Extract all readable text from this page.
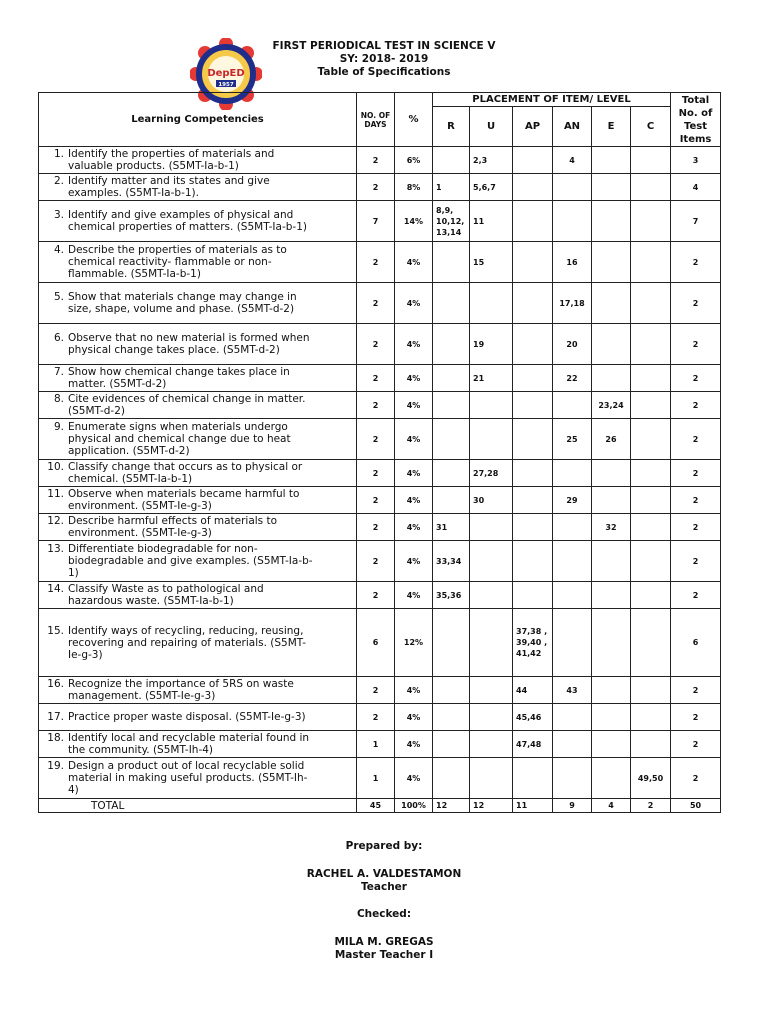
DepED
1957
FIRST PERIODICAL TEST IN SCIENCE V
SY: 2018- 2019
Table of Specifications
Learning Competencies	NO. OF DAYS	%	PLACEMENT OF ITEM/ LEVEL						Total No. of Test Items
			R	U	AP	AN	E	C	
1. Identify the properties of materials and valuable products. (S5MT-Ia-b-1)	2	6%		2,3		4			3
2. Identify matter and its states and give examples. (S5MT-Ia-b-1).	2	8%	1	5,6,7					4
3. Identify and give examples of physical and chemical properties of matters. (S5MT-Ia-b-1)	7	14%	8,9, 10,12, 13,14	11					7
4. Describe the properties of materials as to chemical reactivity- flammable or non-flammable. (S5MT-Ia-b-1)	2	4%		15		16			2
5. Show that materials change may change in size, shape, volume and phase. (S5MT-d-2)	2	4%				17,18			2
6. Observe that no new material is formed when physical change takes place. (S5MT-d-2)	2	4%		19		20			2
7. Show how chemical change takes place in matter. (S5MT-d-2)	2	4%		21		22			2
8. Cite evidences of chemical change in matter. (S5MT-d-2)	2	4%					23,24		2
9. Enumerate signs when materials undergo physical and chemical change due to heat application. (S5MT-d-2)	2	4%				25	26		2
10. Classify change that occurs as to physical or chemical. (S5MT-Ia-b-1)	2	4%		27,28					2
11. Observe when materials became harmful to environment. (S5MT-Ie-g-3)	2	4%		30		29			2
12. Describe harmful effects of materials to environment. (S5MT-Ie-g-3)	2	4%	31				32		2
13. Differentiate biodegradable for non-biodegradable and give examples. (S5MT-Ia-b-1)	2	4%	33,34						2
14. Classify Waste as to pathological and hazardous waste. (S5MT-Ia-b-1)	2	4%	35,36						2
15. Identify ways of recycling, reducing, reusing, recovering and repairing of materials. (S5MT-Ie-g-3)	6	12%			37,38 , 39,40 , 41,42				6
16. Recognize the importance of 5RS on waste management. (S5MT-Ie-g-3)	2	4%			44	43			2
17. Practice proper waste disposal. (S5MT-Ie-g-3)	2	4%			45,46				2
18. Identify local and recyclable material found in the community. (S5MT-Ih-4)	1	4%			47,48				2
19. Design a product out of local recyclable solid material in making useful products. (S5MT-Ih-4)	1	4%						49,50	2
TOTAL	45	100%	12	12	11	9	4	2	50
Prepared by:
RACHEL A. VALDESTAMON
Teacher
Checked:
MILA M. GREGAS
Master Teacher I
